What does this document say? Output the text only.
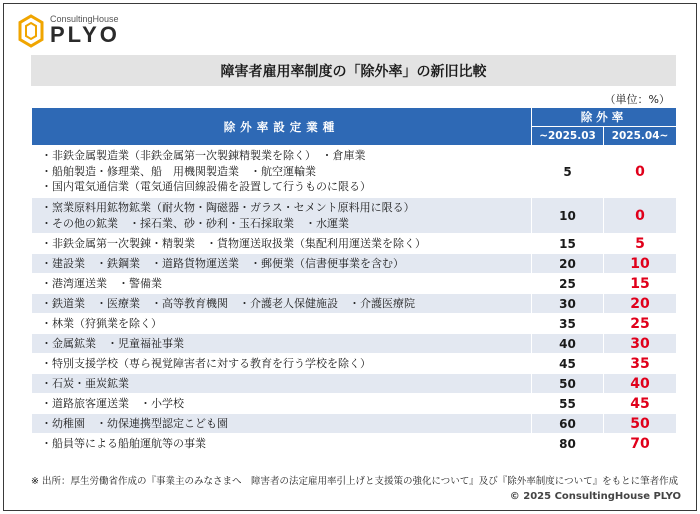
ConsultingHouse
PLYO
障害者雇用率制度の「除外率」の新旧比較
（単位：%）
除外率設定業種	除外率	
	~2025.03	2025.04~

・非鉄金属製造業（非鉄金属第一次製錬精製業を除く）　・倉庫業
・船舶製造・修理業、船　用機関製造業　・航空運輸業
・国内電気通信業（電気通信回線設備を設置して行うものに限る）	5	0

・窯業原料用鉱物鉱業（耐火物・陶磁器・ガラス・セメント原料用に限る）
・その他の鉱業　・採石業、砂・砂利・玉石採取業　・水運業	10	0

・非鉄金属第一次製錬・精製業　・貨物運送取扱業（集配利用運送業を除く）	15	5

・建設業　・鉄鋼業　・道路貨物運送業　・郵便業（信書便事業を含む）	20	10

・港湾運送業　・警備業	25	15

・鉄道業　・医療業　・高等教育機関　・介護老人保健施設　・介護医療院	30	20

・林業（狩猟業を除く）	35	25

・金属鉱業　・児童福祉事業	40	30

・特別支援学校（専ら視覚障害者に対する教育を行う学校を除く）	45	35

・石炭・亜炭鉱業	50	40

・道路旅客運送業　・小学校	55	45

・幼稚園　・幼保連携型認定こども園	60	50

・船員等による船舶運航等の事業	80	70
※ 出所：厚生労働省作成の『事業主のみなさまへ　障害者の法定雇用率引上げと支援策の強化について』及び『除外率制度について』をもとに筆者作成
© 2025 ConsultingHouse PLYO
